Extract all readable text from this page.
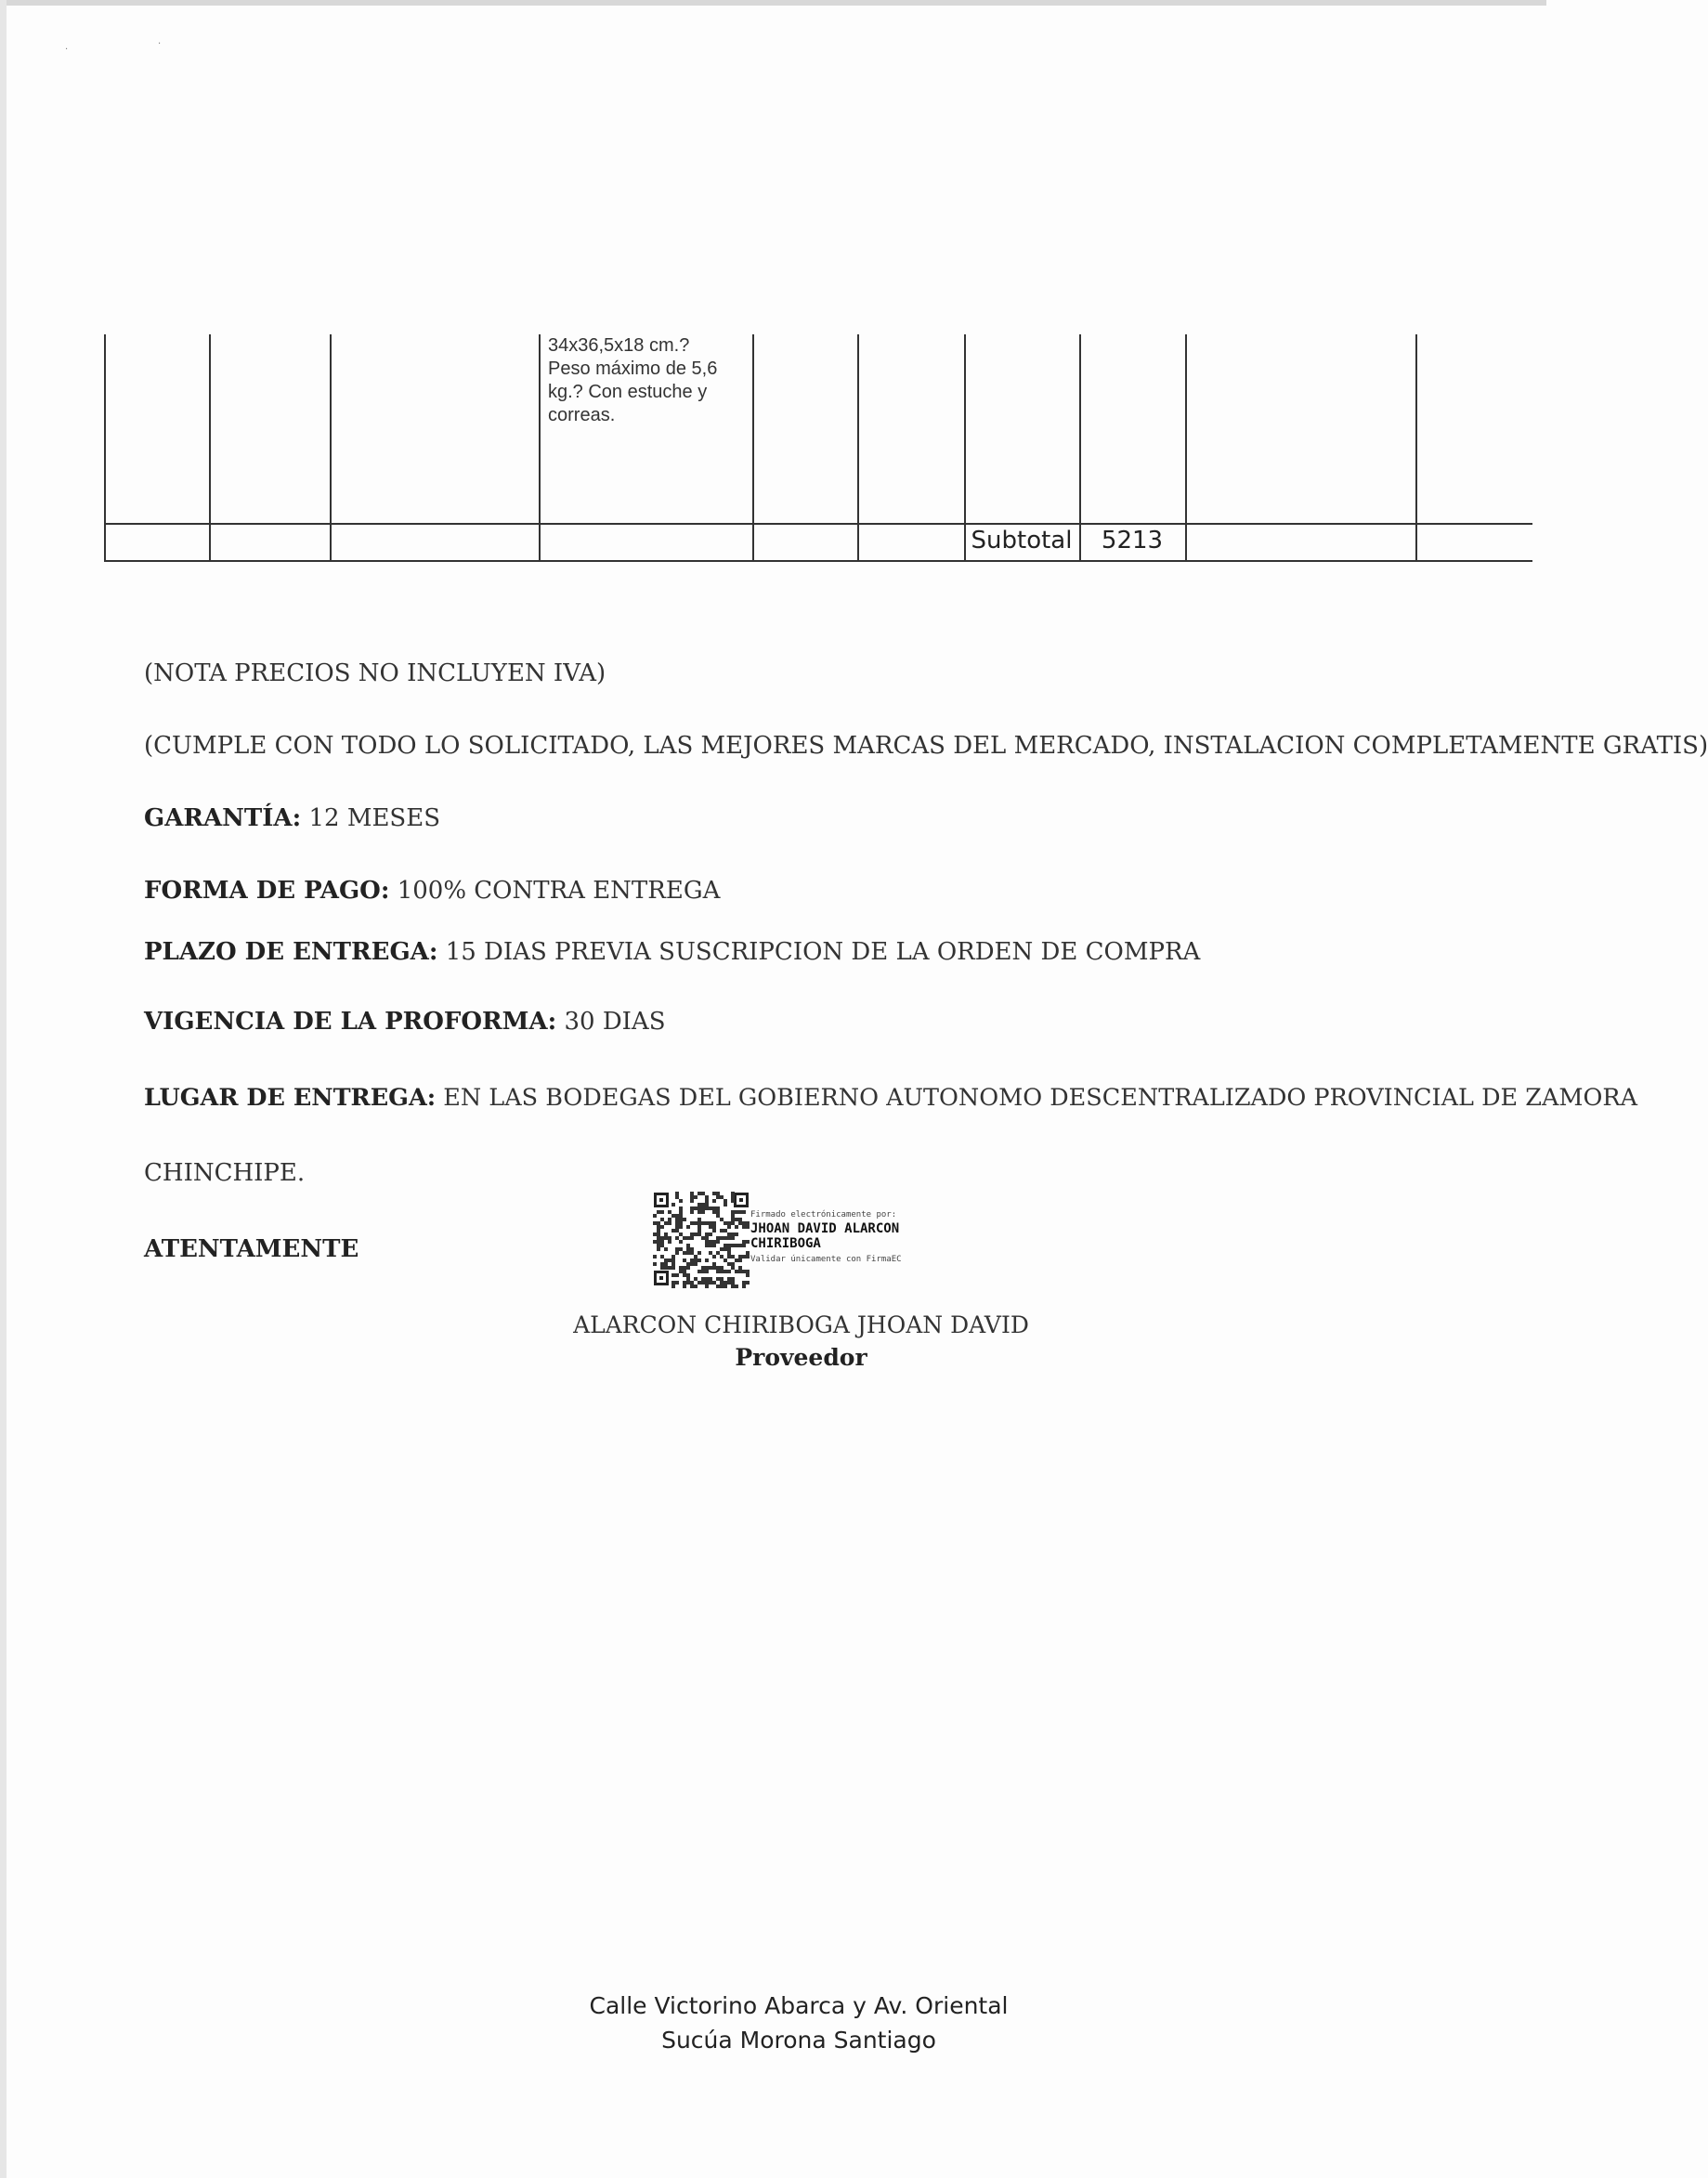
·
·
34x36,5x18 cm.?
Peso máximo de 5,6
kg.? Con estuche y
correas.
Subtotal	5213
(NOTA PRECIOS NO INCLUYEN IVA)
(CUMPLE CON TODO LO SOLICITADO, LAS MEJORES MARCAS DEL MERCADO, INSTALACION COMPLETAMENTE GRATIS)
GARANTÍA: 12 MESES
FORMA DE PAGO: 100% CONTRA ENTREGA
PLAZO DE ENTREGA: 15 DIAS PREVIA SUSCRIPCION DE LA ORDEN DE COMPRA
VIGENCIA DE LA PROFORMA: 30 DIAS
LUGAR DE ENTREGA: EN LAS BODEGAS DEL GOBIERNO AUTONOMO DESCENTRALIZADO PROVINCIAL DE ZAMORA
CHINCHIPE.
ATENTAMENTE
Firmado electrónicamente por:
JHOAN DAVID ALARCON
CHIRIBOGA
Validar únicamente con FirmaEC
ALARCON CHIRIBOGA JHOAN DAVID
Proveedor
Calle Victorino Abarca y Av. Oriental
Sucúa Morona Santiago
